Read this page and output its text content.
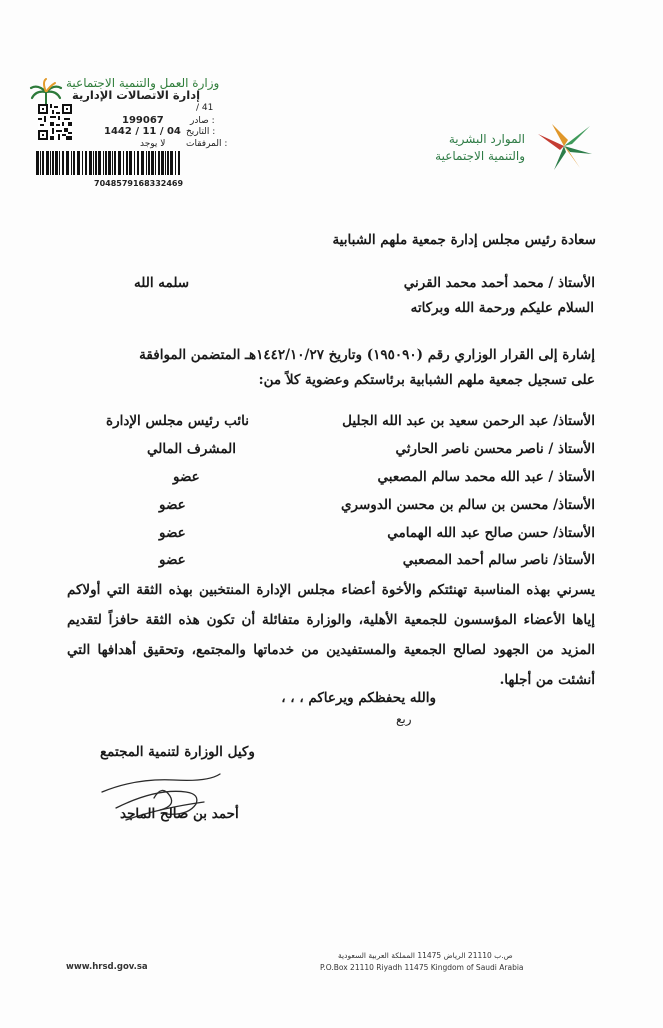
وزارة العمل والتنمية الاجتماعية
إدارة الاتصالات الإدارية
/ 41
صادر :
199067
التاريخ :
1442 / 11 / 04
المرفقات :
لا يوجد
7048579168332469
الموارد البشرية
والتنمية الاجتماعية
سعادة رئيس مجلس إدارة جمعية ملهم الشبابية
الأستاذ / محمد أحمد محمد القرني
سلمه الله
السلام عليكم ورحمة الله وبركاته
إشارة إلى القرار الوزاري رقم (١٩٥٠٩٠) وتاريخ ١٤٤٢/١٠/٢٧هـ المتضمن الموافقة
على تسجيل جمعية ملهم الشبابية برئاستكم وعضوية كلاً من:
الأستاذ/ عبد الرحمن سعيد بن عبد الله الجليل
نائب رئيس مجلس الإدارة
الأستاذ / ناصر محسن ناصر الحارثي
المشرف المالي
الأستاذ / عبد الله محمد سالم المصعبي
عضو
الأستاذ/ محسن بن سالم بن محسن الدوسري
عضو
الأستاذ/ حسن صالح عبد الله الهمامي
عضو
الأستاذ/ ناصر سالم أحمد المصعبي
عضو
يسرني بهذه المناسبة تهنئتكم والأخوة أعضاء مجلس الإدارة المنتخبين بهذه الثقة التي أولاكم إياها الأعضاء المؤسسون للجمعية الأهلية، والوزارة متفائلة أن تكون هذه الثقة حافزاً لتقديم المزيد من الجهود لصالح الجمعية والمستفيدين من خدماتها والمجتمع، وتحقيق أهدافها التي أنشئت من أجلها.
والله يحفظكم ويرعاكم ، ، ،
ربع
وكيل الوزارة لتنمية المجتمع
أحمد بن صالح الماجد
www.hrsd.gov.sa
ص.ب 21110 الرياض 11475 المملكة العربية السعودية
P.O.Box 21110 Riyadh 11475 Kingdom of Saudi Arabia
